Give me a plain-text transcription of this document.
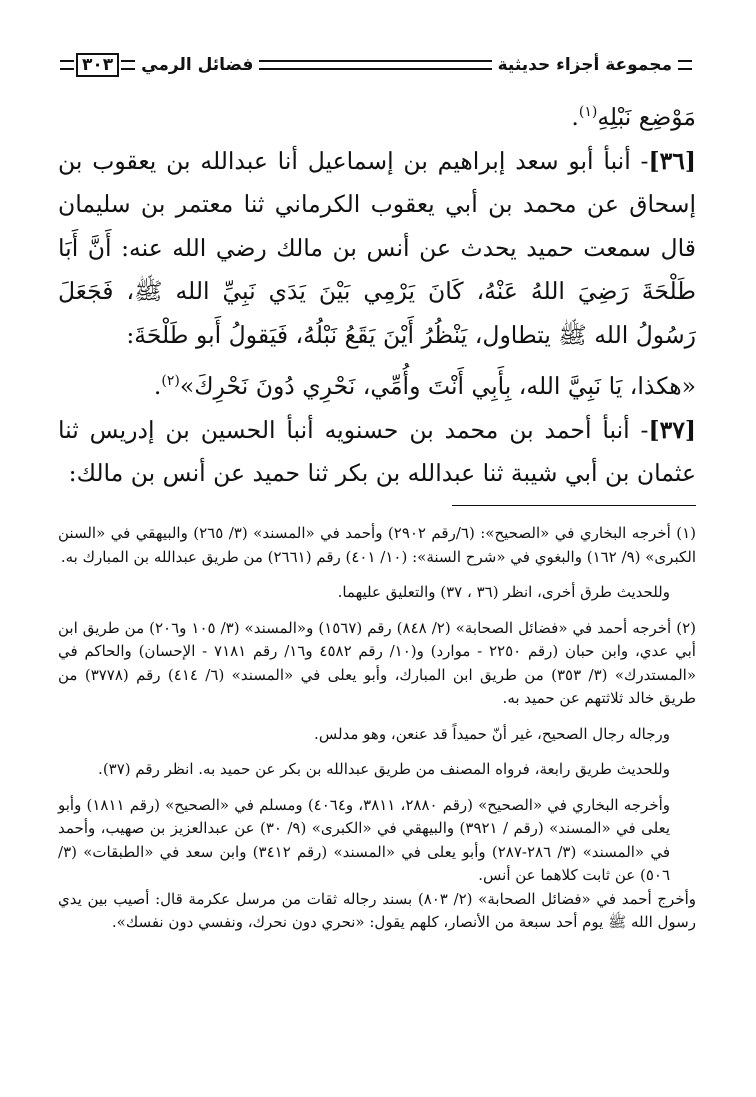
مجموعة أجزاء حديثية
فضائل الرمي
٣٠٣

مَوْضِع نَبْلِهِ$^{(١)}$.

[٣٦]- أنبأ أبو سعد إبراهيم بن إسماعيل أنا عبدالله بن يعقوب بن إسحاق عن محمد بن أبي يعقوب الكرماني ثنا معتمر بن سليمان قال سمعت حميد يحدث عن أنس بن مالك رضي الله عنه: أَنَّ أَبَا طَلْحَةَ رَضِيَ اللهُ عَنْهُ، كَانَ يَرْمِي بَيْنَ يَدَي نَبِيِّ الله ﷺ، فَجَعَلَ رَسُولُ الله ﷺ يتطاول، يَنْظُرُ أَيْنَ يَقَعُ نَبْلُهُ، فَيَقولُ أَبو طَلْحَةَ:

«هكذا، يَا نَبِيَّ الله، بِأَبِي أَنْتَ وأُمِّي، نَحْرِي دُونَ نَحْرِكَ»$^{(٢)}$.

[٣٧]- أنبأ أحمد بن محمد بن حسنويه أنبأ الحسين بن إدريس ثنا عثمان بن أبي شيبة ثنا عبدالله بن بكر ثنا حميد عن أنس بن مالك:

(١) أخرجه البخاري في «الصحيح»: (٦/رقم ٢٩٠٢) وأحمد في «المسند» (٣/ ٢٦٥) والبيهقي في «السنن الكبرى» (٩/ ١٦٢) والبغوي في «شرح السنة»: (١٠/ ٤٠١) رقم (٢٦٦١) من طريق عبدالله بن المبارك به.

وللحديث طرق أخرى، انظر (٣٦ ، ٣٧) والتعليق عليهما.

(٢) أخرجه أحمد في «فضائل الصحابة» (٢/ ٨٤٨) رقم (١٥٦٧) و«المسند» (٣/ ١٠٥ و٢٠٦) من طريق ابن أبي عدي، وابن حبان (رقم ٢٢٥٠ - موارد) و(١٠/ رقم ٤٥٨٢ و١٦/ رقم ٧١٨١ - الإحسان) والحاكم في «المستدرك» (٣/ ٣٥٣) من طريق ابن المبارك، وأبو يعلى في «المسند» (٦/ ٤١٤) رقم (٣٧٧٨) من طريق خالد ثلاثتهم عن حميد به.

ورجاله رجال الصحيح، غير أنّ حميداً قد عنعن، وهو مدلس.

وللحديث طريق رابعة، فرواه المصنف من طريق عبدالله بن بكر عن حميد به. انظر رقم (٣٧).

وأخرجه البخاري في «الصحيح» (رقم ٢٨٨٠، ٣٨١١، و٤٠٦٤) ومسلم في «الصحيح» (رقم ١٨١١) وأبو يعلى في «المسند» (رقم / ٣٩٢١) والبيهقي في «الكبرى» (٩/ ٣٠) عن عبدالعزيز بن صهيب، وأحمد في «المسند» (٣/ ٢٨٦-٢٨٧) وأبو يعلى في «المسند» (رقم ٣٤١٢) وابن سعد في «الطبقات» (٣/ ٥٠٦) عن ثابت كلاهما عن أنس.

وأخرج أحمد في «فضائل الصحابة» (٢/ ٨٠٣) بسند رجاله ثقات من مرسل عكرمة قال: أصيب بين يدي رسول الله ﷺ يوم أحد سبعة من الأنصار، كلهم يقول: «نحري دون نحرك، ونفسي دون نفسك».
